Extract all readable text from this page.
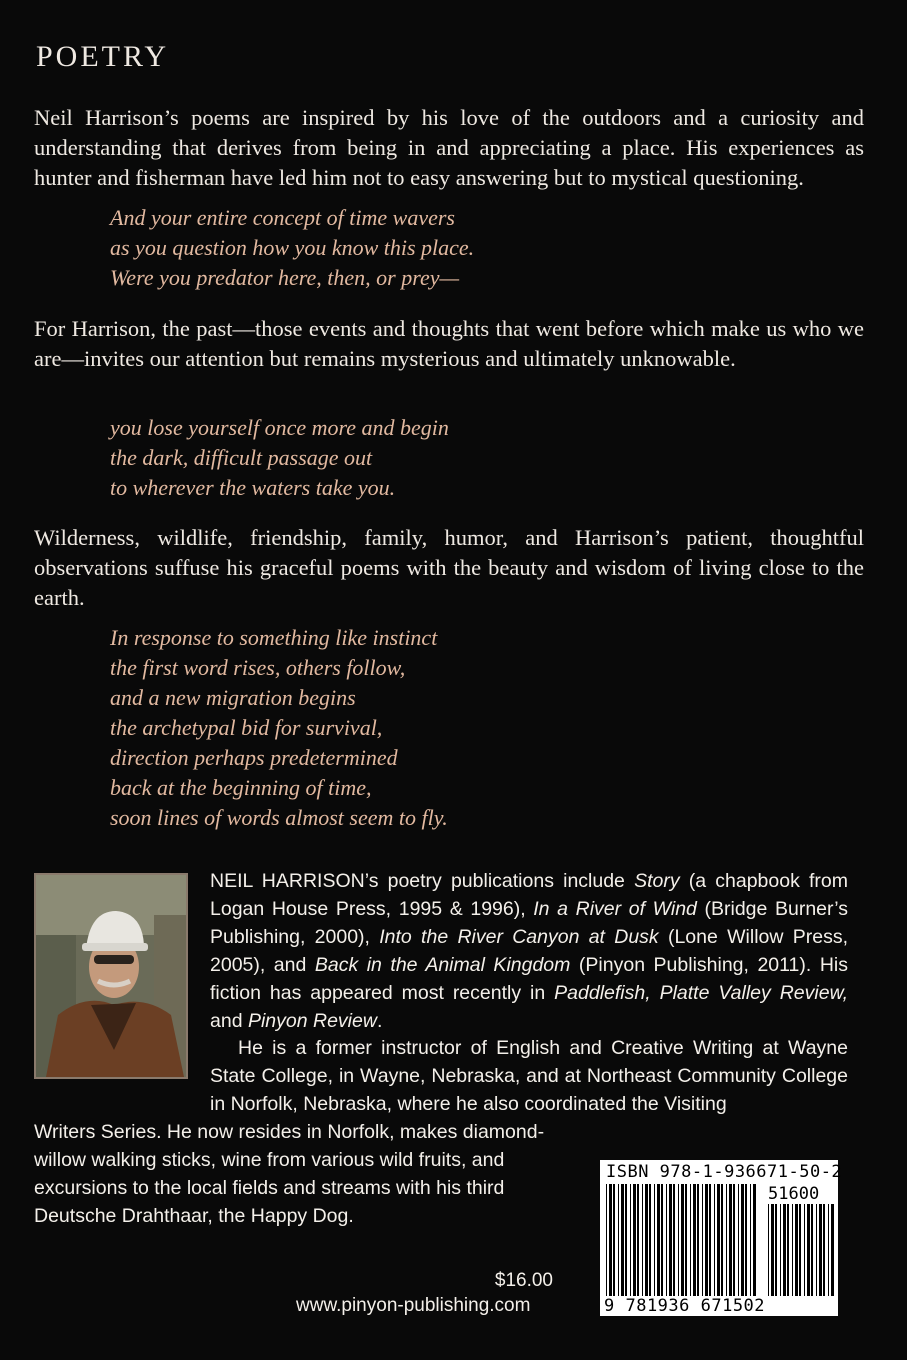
POETRY
Neil Harrison’s poems are inspired by his love of the outdoors and a curiosity and understanding that derives from being in and appreciating a place. His experiences as hunter and fisherman have led him not to easy answering but to mystical questioning.
And your entire concept of time wavers
as you question how you know this place.
Were you predator here, then, or prey—
For Harrison, the past—those events and thoughts that went before which make us who we are—invites our attention but remains mysterious and ultimately unknowable.
you lose yourself once more and begin
the dark, difficult passage out
to wherever the waters take you.
Wilderness, wildlife, friendship, family, humor, and Harrison’s patient, thoughtful observations suffuse his graceful poems with the beauty and wisdom of living close to the earth.
In response to something like instinct
the first word rises, others follow,
and a new migration begins
the archetypal bid for survival,
direction perhaps predetermined
back at the beginning of time,
soon lines of words almost seem to fly.
NEIL HARRISON’s poetry publications include Story (a chapbook from Logan House Press, 1995 & 1996), In a River of Wind (Bridge Burner’s Publishing, 2000), Into the River Canyon at Dusk (Lone Willow Press, 2005), and Back in the Animal Kingdom (Pinyon Publishing, 2011). His fiction has appeared most recently in Paddlefish, Platte Valley Review, and Pinyon Review.
He is a former instructor of English and Creative Writing at Wayne State College, in Wayne, Nebraska, and at Northeast Community College in Norfolk, Nebraska, where he also coordinated the Visiting
Writers Series. He now resides in Norfolk, makes diamond-willow walking sticks, wine from various wild fruits, and excursions to the local fields and streams with his third Deutsche Drahthaar, the Happy Dog.
ISBN 978-1-936671-50-2
51600
9 781936 671502
$16.00
www.pinyon-publishing.com
